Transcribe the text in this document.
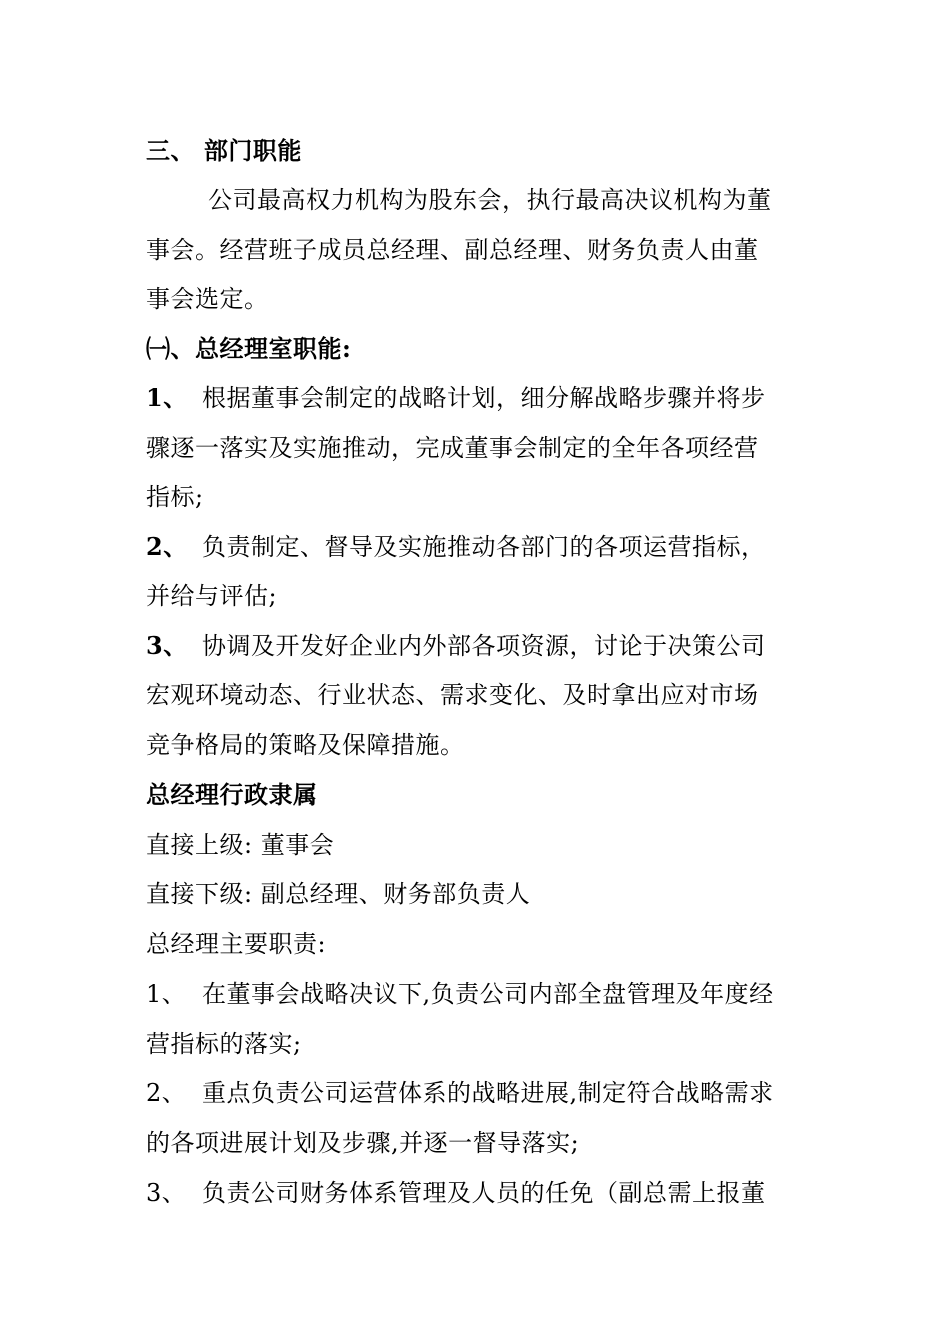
三、 部门职能
公司最高权力机构为股东会，执行最高决议机构为董
事会。经营班子成员总经理、副总经理、财务负责人由董
事会选定。
㈠、总经理室职能:
1、 根据董事会制定的战略计划，细分解战略步骤并将步
骤逐一落实及实施推动，完成董事会制定的全年各项经营
指标;
2、 负责制定、督导及实施推动各部门的各项运营指标，
并给与评估;
3、 协调及开发好企业内外部各项资源，讨论于决策公司
宏观环境动态、行业状态、需求变化、及时拿出应对市场
竞争格局的策略及保障措施。
总经理行政隶属
直接上级: 董事会
直接下级: 副总经理、财务部负责人
总经理主要职责:
1、 在董事会战略决议下,负责公司内部全盘管理及年度经
营指标的落实;
2、 重点负责公司运营体系的战略进展,制定符合战略需求
的各项进展计划及步骤,并逐一督导落实;
3、 负责公司财务体系管理及人员的任免（副总需上报董
